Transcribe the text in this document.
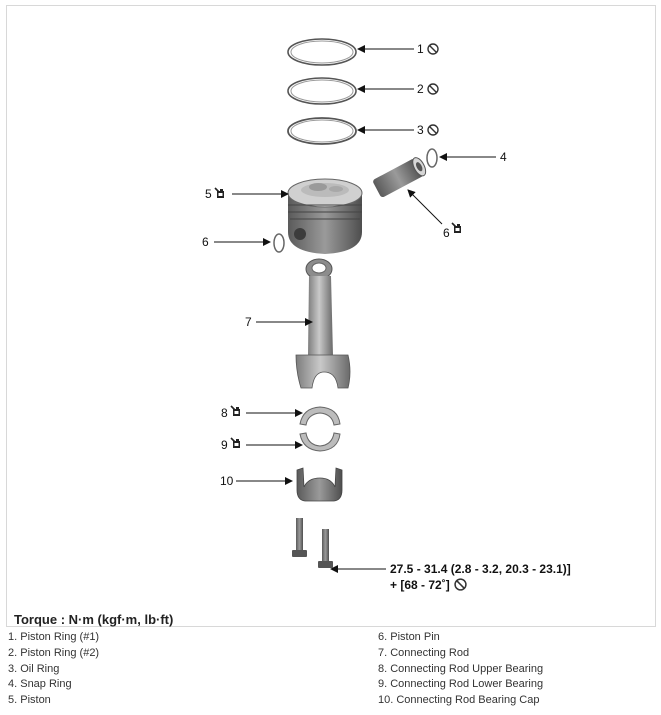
1
2
3
4
5
6
6
7
8
9
10
27.5 - 31.4 (2.8 - 3.2, 20.3 - 23.1)]
+ [68 - 72˚]
Torque : N·m (kgf·m, lb·ft)
1. Piston Ring (#1)
2. Piston Ring (#2)
3. Oil Ring
4. Snap Ring
5. Piston
6. Piston Pin
7. Connecting Rod
8. Connecting Rod Upper Bearing
9. Connecting Rod Lower Bearing
10. Connecting Rod Bearing Cap
